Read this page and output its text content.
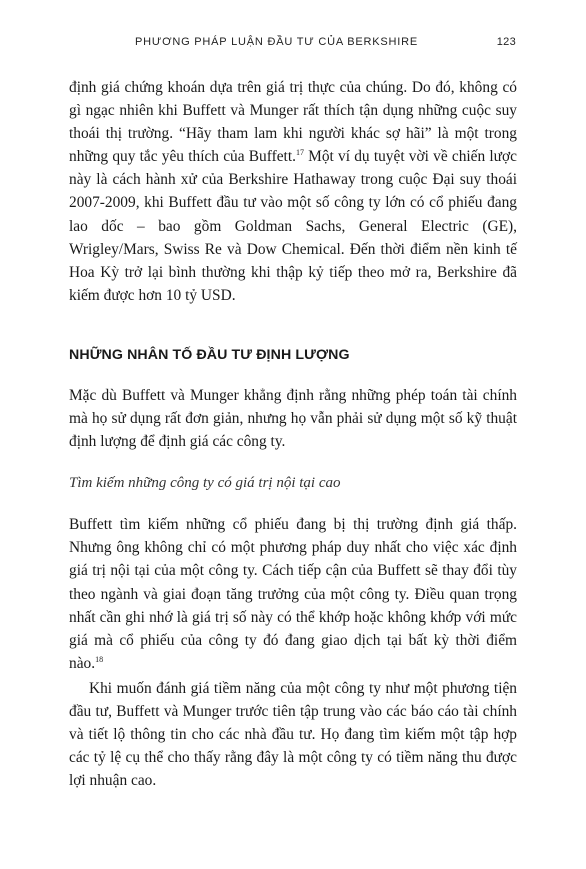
PHƯƠNG PHÁP LUẬN ĐẦU TƯ CỦA BERKSHIRE	123

định giá chứng khoán dựa trên giá trị thực của chúng. Do đó, không có gì ngạc nhiên khi Buffett và Munger rất thích tận dụng những cuộc suy thoái thị trường. “Hãy tham lam khi người khác sợ hãi” là một trong những quy tắc yêu thích của Buffett.$^{17}$ Một ví dụ tuyệt vời về chiến lược này là cách hành xử của Berkshire Hathaway trong cuộc Đại suy thoái 2007-2009, khi Buffett đầu tư vào một số công ty lớn có cổ phiếu đang lao dốc – bao gồm Goldman Sachs, General Electric (GE), Wrigley/Mars, Swiss Re và Dow Chemical. Đến thời điểm nền kinh tế Hoa Kỳ trở lại bình thường khi thập kỷ tiếp theo mở ra, Berkshire đã kiếm được hơn 10 tỷ USD.

NHỮNG NHÂN TỐ ĐẦU TƯ ĐỊNH LƯỢNG

Mặc dù Buffett và Munger khẳng định rằng những phép toán tài chính mà họ sử dụng rất đơn giản, nhưng họ vẫn phải sử dụng một số kỹ thuật định lượng để định giá các công ty.

Tìm kiếm những công ty có giá trị nội tại cao

Buffett tìm kiếm những cổ phiếu đang bị thị trường định giá thấp. Nhưng ông không chỉ có một phương pháp duy nhất cho việc xác định giá trị nội tại của một công ty. Cách tiếp cận của Buffett sẽ thay đổi tùy theo ngành và giai đoạn tăng trưởng của một công ty. Điều quan trọng nhất cần ghi nhớ là giá trị số này có thể khớp hoặc không khớp với mức giá mà cổ phiếu của công ty đó đang giao dịch tại bất kỳ thời điểm nào.$^{18}$

Khi muốn đánh giá tiềm năng của một công ty như một phương tiện đầu tư, Buffett và Munger trước tiên tập trung vào các báo cáo tài chính và tiết lộ thông tin cho các nhà đầu tư. Họ đang tìm kiếm một tập hợp các tỷ lệ cụ thể cho thấy rằng đây là một công ty có tiềm năng thu được lợi nhuận cao.
